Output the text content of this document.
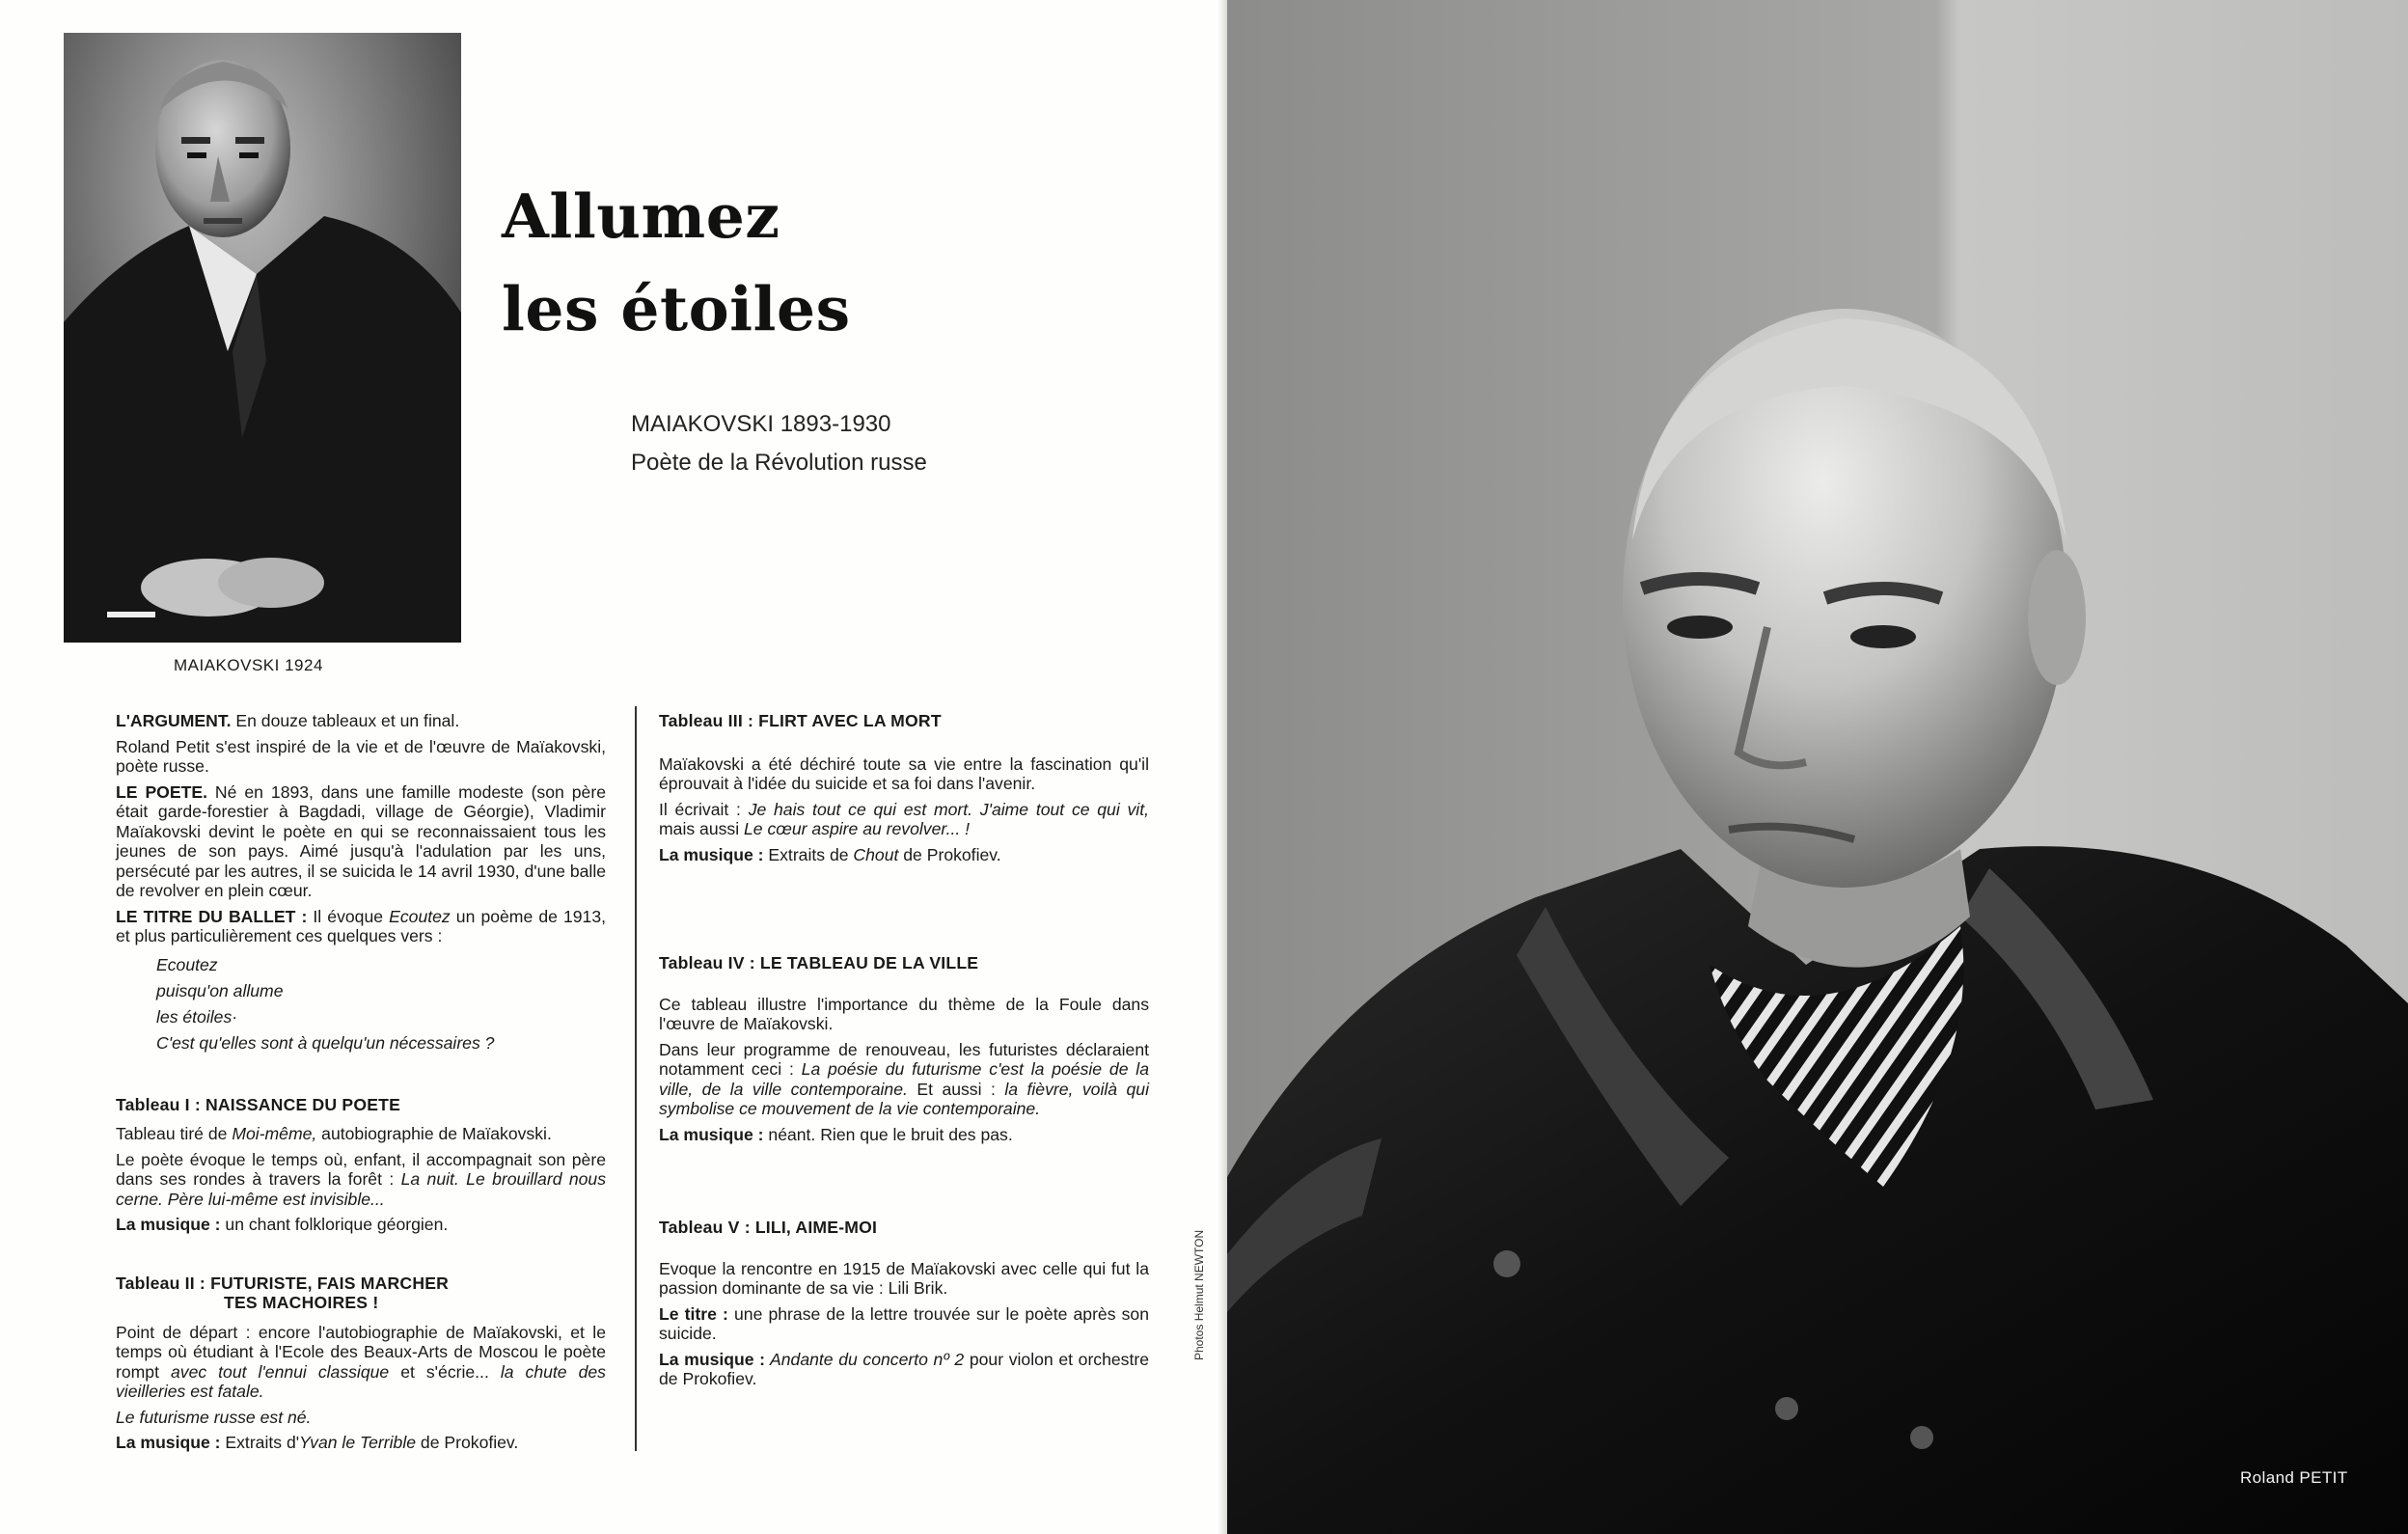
MAIAKOVSKI 1924
Allumez
les étoiles
MAIAKOVSKI 1893-1930
Poète de la Révolution russe

L'ARGUMENT. En douze tableaux et un final.

Roland Petit s'est inspiré de la vie et de l'œuvre de Maïakovski, poète russe.

LE POETE. Né en 1893, dans une famille modeste (son père était garde-forestier à Bagdadi, village de Géorgie), Vladimir Maïakovski devint le poète en qui se reconnaissaient tous les jeunes de son pays. Aimé jusqu'à l'adulation par les uns, persécuté par les autres, il se suicida le 14 avril 1930, d'une balle de revolver en plein cœur.

LE TITRE DU BALLET : Il évoque Ecoutez un poème de 1913, et plus particulièrement ces quelques vers :

Ecoutez
puisqu'on allume
les étoiles·
C'est qu'elles sont à quelqu'un nécessaires ?

Tableau I : NAISSANCE DU POETE

Tableau tiré de Moi-même, autobiographie de Maïakovski.

Le poète évoque le temps où, enfant, il accompagnait son père dans ses rondes à travers la forêt : La nuit. Le brouillard nous cerne. Père lui-même est invisible...

La musique : un chant folklorique géorgien.

Tableau II : FUTURISTE, FAIS MARCHER

TES MACHOIRES !

Point de départ : encore l'autobiographie de Maïakovski, et le temps où étudiant à l'Ecole des Beaux-Arts de Moscou le poète rompt avec tout l'ennui classique et s'écrie... la chute des vieilleries est fatale.

Le futurisme russe est né.

La musique : Extraits d'Yvan le Terrible de Prokofiev.

Tableau III : FLIRT AVEC LA MORT

Maïakovski a été déchiré toute sa vie entre la fascination qu'il éprouvait à l'idée du suicide et sa foi dans l'avenir.

Il écrivait : Je hais tout ce qui est mort. J'aime tout ce qui vit, mais aussi Le cœur aspire au revolver... !

La musique : Extraits de Chout de Prokofiev.

Tableau IV : LE TABLEAU DE LA VILLE

Ce tableau illustre l'importance du thème de la Foule dans l'œuvre de Maïakovski.

Dans leur programme de renouveau, les futuristes déclaraient notamment ceci : La poésie du futurisme c'est la poésie de la ville, de la ville contemporaine. Et aussi : la fièvre, voilà qui symbolise ce mouvement de la vie contemporaine.

La musique : néant. Rien que le bruit des pas.

Tableau V : LILI, AIME-MOI

Evoque la rencontre en 1915 de Maïakovski avec celle qui fut la passion dominante de sa vie : Lili Brik.

Le titre : une phrase de la lettre trouvée sur le poète après son suicide.

La musique : Andante du concerto nº 2 pour violon et orchestre de Prokofiev.

Photos Helmut NEWTON
Roland PETIT
